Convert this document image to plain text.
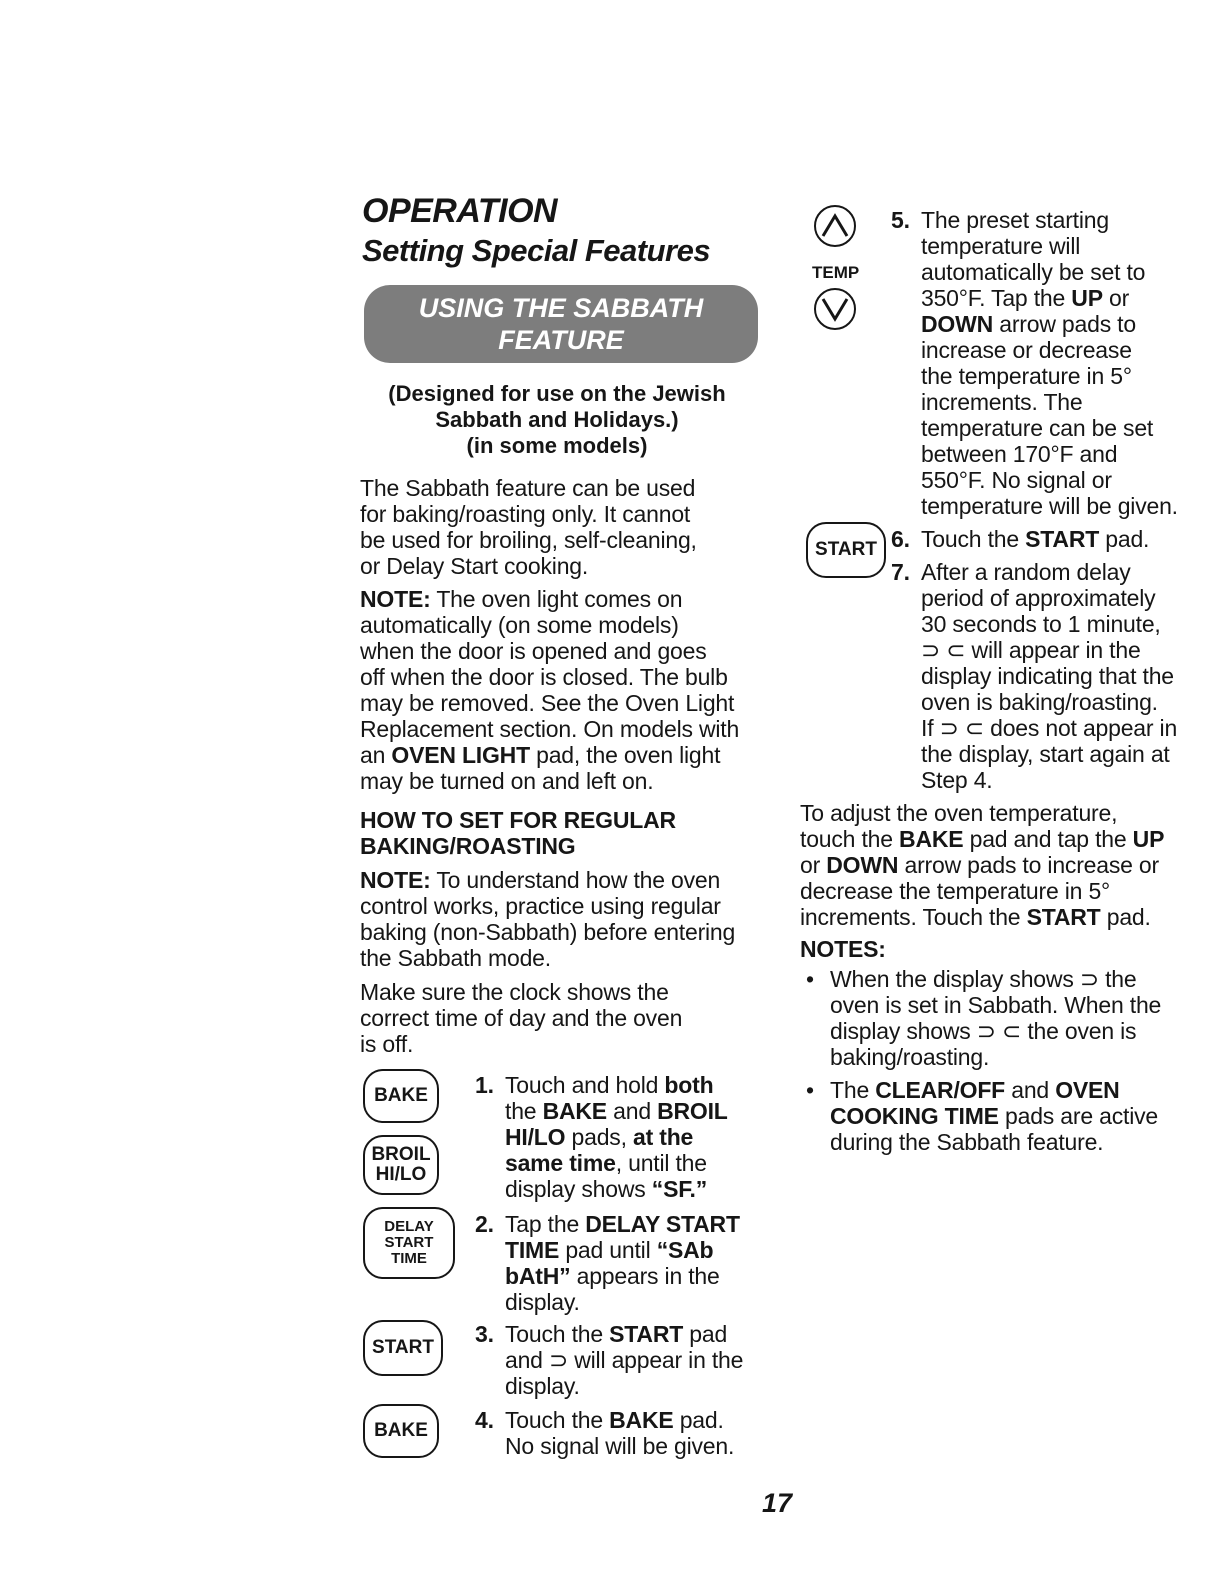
OPERATION
Setting Special Features
USING THE SABBATH
FEATURE
(Designed for use on the Jewish
Sabbath and Holidays.)
(in some models)
The Sabbath feature can be used
for baking/roasting only. It cannot
be used for broiling, self-cleaning,
or Delay Start cooking.
NOTE: The oven light comes on
automatically (on some models)
when the door is opened and goes
off when the door is closed. The bulb
may be removed. See the Oven Light
Replacement section. On models with
an OVEN LIGHT pad, the oven light
may be turned on and left on.
HOW TO SET FOR REGULAR
BAKING/ROASTING
NOTE: To understand how the oven
control works, practice using regular
baking (non-Sabbath) before entering
the Sabbath mode.
Make sure the clock shows the
correct time of day and the oven
is off.
BAKE
BROIL
HI/LO
DELAY
START
TIME
START
BAKE
1. Touch and hold both
the BAKE and BROIL
HI/LO pads, at the
same time, until the
display shows “SF.”
2. Tap the DELAY START
TIME pad until “SAb
bAtH” appears in the
display.
3. Touch the START pad
and ⊃ will appear in the
display.
4. Touch the BAKE pad.
No signal will be given.
TEMP
START
5. The preset starting
temperature will
automatically be set to
350°F. Tap the UP or
DOWN arrow pads to
increase or decrease
the temperature in 5°
increments. The
temperature can be set
between 170°F and
550°F. No signal or
temperature will be given.
6. Touch the START pad.
7. After a random delay
period of approximately
30 seconds to 1 minute,
⊃ ⊂ will appear in the
display indicating that the
oven is baking/roasting.
If ⊃ ⊂ does not appear in
the display, start again at
Step 4.
To adjust the oven temperature,
touch the BAKE pad and tap the UP
or DOWN arrow pads to increase or
decrease the temperature in 5°
increments. Touch the START pad.
NOTES:
• When the display shows ⊃ the
oven is set in Sabbath. When the
display shows ⊃ ⊂ the oven is
baking/roasting.
• The CLEAR/OFF and OVEN
COOKING TIME pads are active
during the Sabbath feature.
17
